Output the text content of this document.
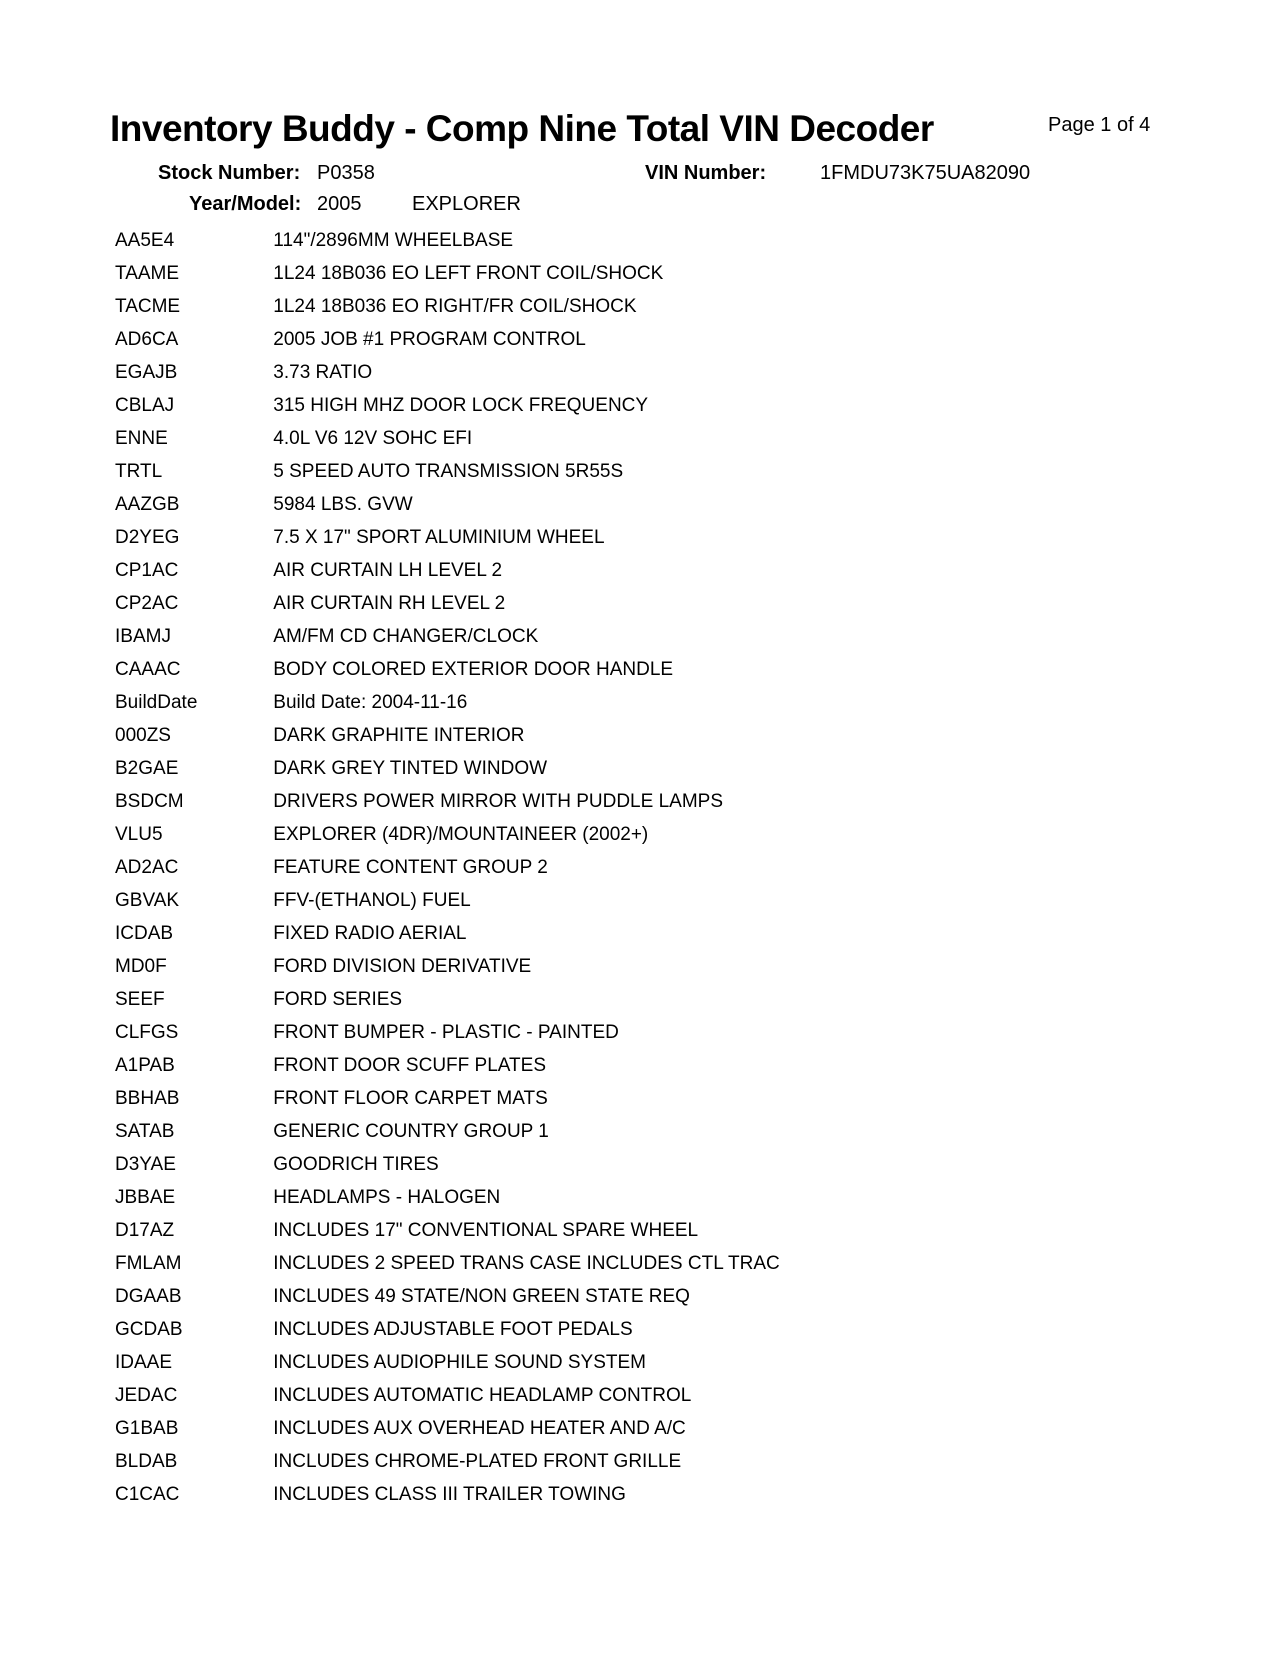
Inventory Buddy - Comp Nine Total VIN Decoder	Page 1 of 4
Stock Number: P0358	VIN Number:	1FMDU73K75UA82090
Year/Model: 2005	EXPLORER
AA5E4	114"/2896MM WHEELBASE
TAAME	1L24 18B036 EO LEFT FRONT COIL/SHOCK
TACME	1L24 18B036 EO RIGHT/FR COIL/SHOCK
AD6CA	2005 JOB #1 PROGRAM CONTROL
EGAJB	3.73 RATIO
CBLAJ	315 HIGH MHZ DOOR LOCK FREQUENCY
ENNE	4.0L V6 12V SOHC EFI
TRTL	5 SPEED AUTO TRANSMISSION 5R55S
AAZGB	5984 LBS. GVW
D2YEG	7.5 X 17" SPORT ALUMINIUM WHEEL
CP1AC	AIR CURTAIN LH LEVEL 2
CP2AC	AIR CURTAIN RH LEVEL 2
IBAMJ	AM/FM CD CHANGER/CLOCK
CAAAC	BODY COLORED EXTERIOR DOOR HANDLE
BuildDate	Build Date: 2004-11-16
000ZS	DARK GRAPHITE INTERIOR
B2GAE	DARK GREY TINTED WINDOW
BSDCM	DRIVERS POWER MIRROR WITH PUDDLE LAMPS
VLU5	EXPLORER (4DR)/MOUNTAINEER (2002+)
AD2AC	FEATURE CONTENT GROUP 2
GBVAK	FFV-(ETHANOL) FUEL
ICDAB	FIXED RADIO AERIAL
MD0F	FORD DIVISION DERIVATIVE
SEEF	FORD SERIES
CLFGS	FRONT BUMPER - PLASTIC - PAINTED
A1PAB	FRONT DOOR SCUFF PLATES
BBHAB	FRONT FLOOR CARPET MATS
SATAB	GENERIC COUNTRY GROUP 1
D3YAE	GOODRICH TIRES
JBBAE	HEADLAMPS - HALOGEN
D17AZ	INCLUDES 17" CONVENTIONAL SPARE WHEEL
FMLAM	INCLUDES 2 SPEED TRANS CASE INCLUDES CTL TRAC
DGAAB	INCLUDES 49 STATE/NON GREEN STATE REQ
GCDAB	INCLUDES ADJUSTABLE FOOT PEDALS
IDAAE	INCLUDES AUDIOPHILE SOUND SYSTEM
JEDAC	INCLUDES AUTOMATIC HEADLAMP CONTROL
G1BAB	INCLUDES AUX OVERHEAD HEATER AND A/C
BLDAB	INCLUDES CHROME-PLATED FRONT GRILLE
C1CAC	INCLUDES CLASS III TRAILER TOWING
